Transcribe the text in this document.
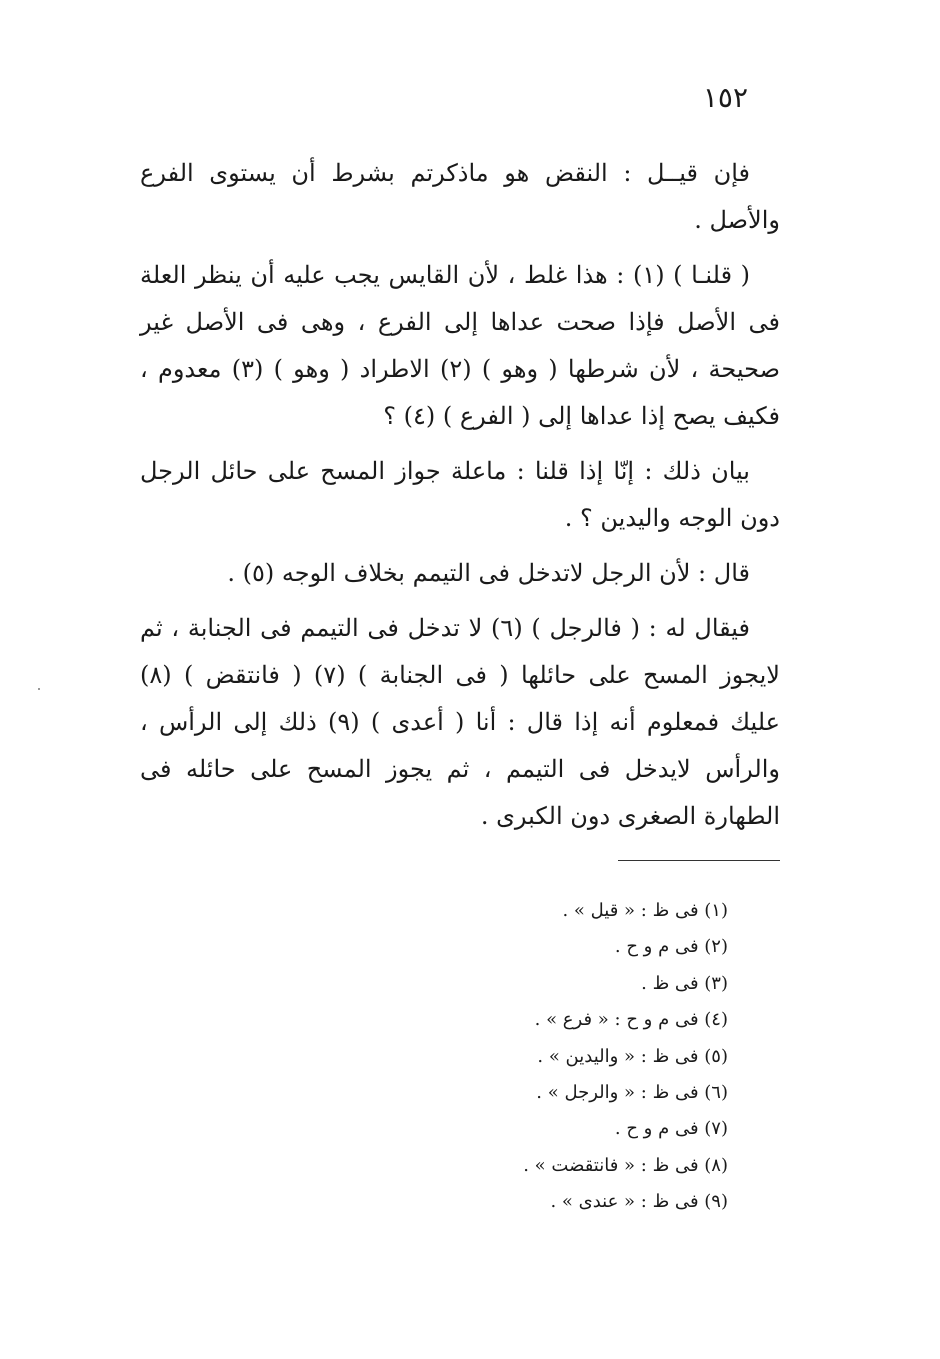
١٥٢

فإن قيــل : النقض هو ماذكرتم بشرط أن يستوى الفرع والأصل .

( قلنـا ) (١) : هذا غلط ، لأن القايس يجب عليه أن ينظر العلة فى الأصل فإذا صحت عداها إلى الفرع ، وهى فى الأصل غير صحيحة ، لأن شرطها ( وهو ) (٢) الاطراد ( وهو ) (٣) معدوم ، فكيف يصح إذا عداها إلى ( الفرع ) (٤) ؟

بيان ذلك : إنّا إذا قلنا : ماعلة جواز المسح على حائل الرجل دون الوجه واليدين ؟ .

قال : لأن الرجل لاتدخل فى التيمم بخلاف الوجه (٥) .

فيقال له : ( فالرجل ) (٦) لا تدخل فى التيمم فى الجنابة ، ثم لايجوز المسح على حائلها ( فى الجنابة ) (٧) ( فانتقض ) (٨) عليك فمعلوم أنه إذا قال : أنا ( أعدى ) (٩) ذلك إلى الرأس ، والرأس لايدخل فى التيمم ، ثم يجوز المسح على حائله فى الطهارة الصغرى دون الكبرى .

(١) فى ظ : « قيل » .
(٢) فى م و ح .
(٣) فى ظ .
(٤) فى م و ح : « فرع » .
(٥) فى ظ : « واليدين » .
(٦) فى ظ : « والرجل » .
(٧) فى م و ح .
(٨) فى ظ : « فانتقضت » .
(٩) فى ظ : « عندى » .
